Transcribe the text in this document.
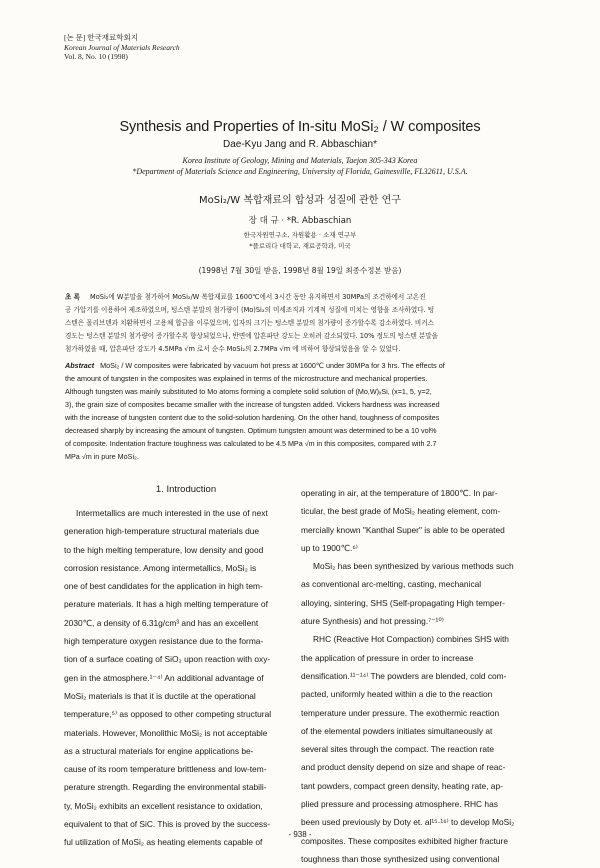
[논 문] 한국재료학회지
Korean Journal of Materials Research
Vol. 8, No. 10 (1998)
Synthesis and Properties of In-situ MoSi₂ / W composites
Dae-Kyu Jang and R. Abbaschian*
Korea Institute of Geology, Mining and Materials, Taejon 305-343 Korea
*Department of Materials Science and Engineering, University of Florida, Gainesville, FL32611, U.S.A.
MoSi₂/W 복합재료의 합성과 성질에 관한 연구
장 대 규 · *R. Abbaschian
한국자원연구소, 자원활용 · 소재 연구부
*플로리다 대학교, 재료공학과, 미국
(1998년 7월 30일 받음, 1998년 8월 19일 최종수정본 받음)
초 록 MoSi₂에 W분말을 첨가하여 MoSi₂/W 복합재료를 1600℃에서 3시간 동안 유지하면서 30MPa의 조건하에서 고온진
공 가압기를 이용하여 제조하였으며, 텅스텐 분말의 첨가량이 (Mo)Si₂의 미세조직과 기계적 성질에 미치는 영향을 조사하였다. 텅
스텐은 몰리브덴과 치환하면서 고용체 합금을 이루었으며, 입자의 크기는 텅스텐 분말의 첨가량이 증가할수록 감소하였다. 비커스
경도는 텅스텐 분말의 첨가량이 증가할수록 향상되었으나, 반면에 압흔파단 강도는 오히려 감소되었다. 10% 정도의 텅스텐 분말을
첨가하였을 때, 압흔파단 강도가 4.5MPa √m 로서 순수 MoSi₂의 2.7MPa √m 에 비하여 향상되었음을 알 수 있었다.
Abstract MoSi₂ / W composites were fabricated by vacuum hot press at 1600℃ under 30MPa for 3 hrs. The effects of
the amount of tungsten in the composites was explained in terms of the microstructure and mechanical properties.
Although tungsten was mainly substituted to Mo atoms forming a complete solid solution of (Mo,W)ₓSi, (x=1, 5, y=2,
3), the grain size of composites became smaller with the increase of tungsten added. Vickers hardness was increased
with the increase of tungsten content due to the solid-solution hardening. On the other hand, toughness of composites
decreased sharply by increasing the amount of tungsten. Optimum tungsten amount was determined to be a 10 vol%
of composite. Indentation fracture toughness was calculated to be 4.5 MPa √m in this composites, compared with 2.7
MPa √m in pure MoSi₂.
1. Introduction
Intermetallics are much interested in the use of next
generation high-temperature structural materials due
to the high melting temperature, low density and good
corrosion resistance. Among intermetallics, MoSi₂ is
one of best candidates for the application in high tem-
perature materials. It has a high melting temperature of
2030℃, a density of 6.31g/cm³ and has an excellent
high temperature oxygen resistance due to the forma-
tion of a surface coating of SiO₂ upon reaction with oxy-
gen in the atmosphere.¹⁻⁴⁾ An additional advantage of
MoSi₂ materials is that it is ductile at the operational
temperature,⁵⁾ as opposed to other competing structural
materials. However, Monolithic MoSi₂ is not acceptable
as a structural materials for engine applications be-
cause of its room temperature brittleness and low-tem-
perature strength. Regarding the environmental stabili-
ty, MoSi₂ exhibits an excellent resistance to oxidation,
equivalent to that of SiC. This is proved by the success-
ful utilization of MoSi₂ as heating elements capable of
operating in air, at the temperature of 1800℃. In par-
ticular, the best grade of MoSi₂ heating element, com-
mercially known "Kanthal Super" is able to be operated
up to 1900℃.⁶⁾
MoSi₂ has been synthesized by various methods such
as conventional arc-melting, casting, mechanical
alloying, sintering, SHS (Self-propagating High temper-
ature Synthesis) and hot pressing.⁷⁻¹⁰⁾
RHC (Reactive Hot Compaction) combines SHS with
the application of pressure in order to increase
densification.¹¹⁻¹⁴⁾ The powders are blended, cold com-
pacted, uniformly heated within a die to the reaction
temperature under pressure. The exothermic reaction
of the elemental powders initiates simultaneously at
several sites through the compact. The reaction rate
and product density depend on size and shape of reac-
tant powders, compact green density, heating rate, ap-
plied pressure and processing atmosphere. RHC has
been used previously by Doty et. al¹⁵·¹⁶⁾ to develop MoSi₂
composites. These composites exhibited higher fracture
toughness than those synthesized using conventional
- 938 -
